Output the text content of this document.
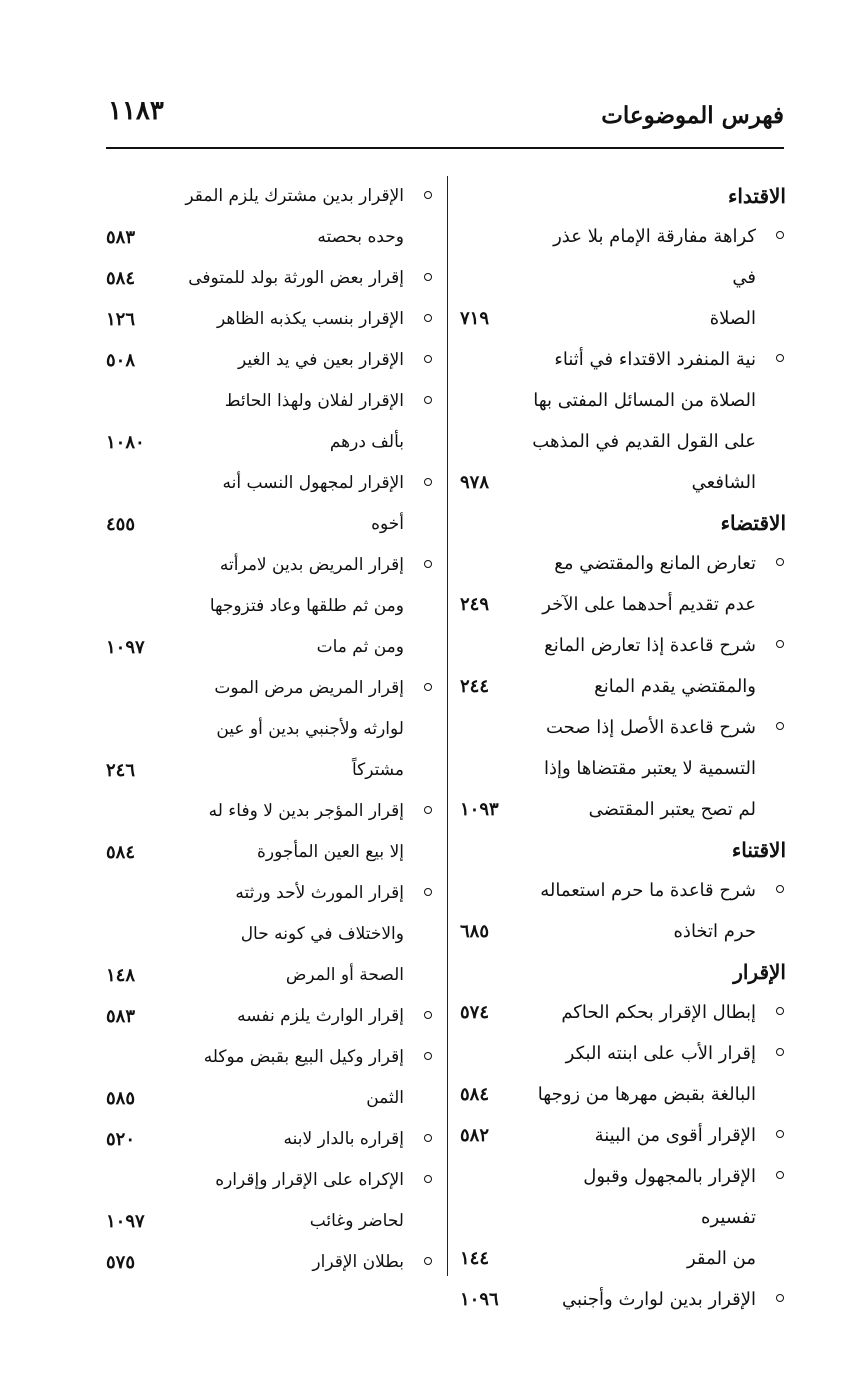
فهرس الموضوعات
١١٨٣
الاقتداء
كراهة مفارقة الإمام بلا عذر في
الصلاة
٧١٩
نية المنفرد الاقتداء في أثناء
الصلاة من المسائل المفتى بها
على القول القديم في المذهب
الشافعي
٩٧٨
الاقتضاء
تعارض المانع والمقتضي مع
عدم تقديم أحدهما على الآخر
٢٤٩
شرح قاعدة إذا تعارض المانع
والمقتضي يقدم المانع
٢٤٤
شرح قاعدة الأصل إذا صحت
التسمية لا يعتبر مقتضاها وإذا
لم تصح يعتبر المقتضى
١٠٩٣
الاقتناء
شرح قاعدة ما حرم استعماله
حرم اتخاذه
٦٨٥
الإقرار
إبطال الإقرار بحكم الحاكم
٥٧٤
إقرار الأب على ابنته البكر
البالغة بقبض مهرها من زوجها
٥٨٤
الإقرار أقوى من البينة
٥٨٢
الإقرار بالمجهول وقبول تفسيره
من المقر
١٤٤
الإقرار بدين لوارث وأجنبي
١٠٩٦
الإقرار بدين مشترك يلزم المقر
وحده بحصته
٥٨٣
إقرار بعض الورثة بولد للمتوفى
٥٨٤
الإقرار بنسب يكذبه الظاهر
١٢٦
الإقرار بعين في يد الغير
٥٠٨
الإقرار لفلان ولهذا الحائط
بألف درهم
١٠٨٠
الإقرار لمجهول النسب أنه
أخوه
٤٥٥
إقرار المريض بدين لامرأته
ومن ثم طلقها وعاد فتزوجها
ومن ثم مات
١٠٩٧
إقرار المريض مرض الموت
لوارثه ولأجنبي بدين أو عين
مشتركاً
٢٤٦
إقرار المؤجر بدين لا وفاء له
إلا بيع العين المأجورة
٥٨٤
إقرار المورث لأحد ورثته
والاختلاف في كونه حال
الصحة أو المرض
١٤٨
إقرار الوارث يلزم نفسه
٥٨٣
إقرار وكيل البيع بقبض موكله
الثمن
٥٨٥
إقراره بالدار لابنه
٥٢٠
الإكراه على الإقرار وإقراره
لحاضر وغائب
١٠٩٧
بطلان الإقرار
٥٧٥
